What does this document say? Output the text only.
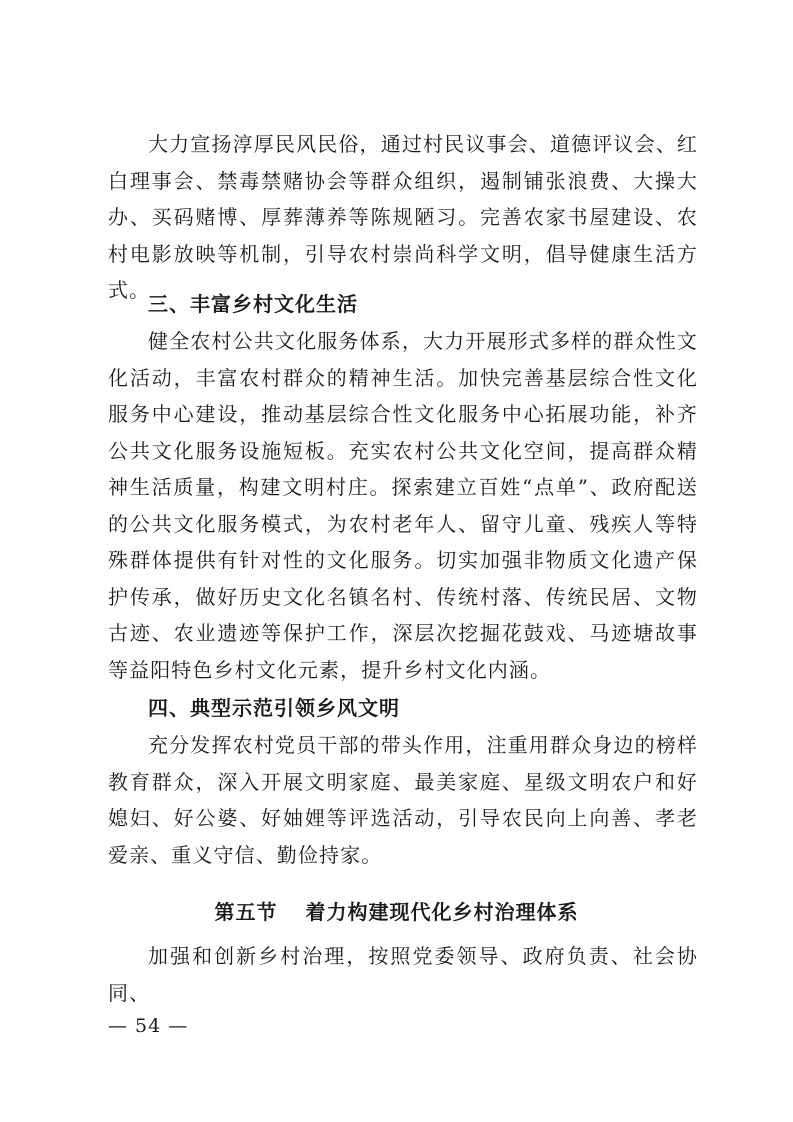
大力宣扬淳厚民风民俗，通过村民议事会、道德评议会、红白理事会、禁毒禁赌协会等群众组织，遏制铺张浪费、大操大办、买码赌博、厚葬薄养等陈规陋习。完善农家书屋建设、农村电影放映等机制，引导农村崇尚科学文明，倡导健康生活方式。

三、丰富乡村文化生活

健全农村公共文化服务体系，大力开展形式多样的群众性文化活动，丰富农村群众的精神生活。加快完善基层综合性文化服务中心建设，推动基层综合性文化服务中心拓展功能，补齐公共文化服务设施短板。充实农村公共文化空间，提高群众精神生活质量，构建文明村庄。探索建立百姓“点单”、政府配送的公共文化服务模式，为农村老年人、留守儿童、残疾人等特殊群体提供有针对性的文化服务。切实加强非物质文化遗产保护传承，做好历史文化名镇名村、传统村落、传统民居、文物古迹、农业遗迹等保护工作，深层次挖掘花鼓戏、马迹塘故事等益阳特色乡村文化元素，提升乡村文化内涵。

四、典型示范引领乡风文明

充分发挥农村党员干部的带头作用，注重用群众身边的榜样教育群众，深入开展文明家庭、最美家庭、星级文明农户和好媳妇、好公婆、好妯娌等评选活动，引导农民向上向善、孝老爱亲、重义守信、勤俭持家。

第五节 着力构建现代化乡村治理体系

加强和创新乡村治理，按照党委领导、政府负责、社会协同、

— 54 —
